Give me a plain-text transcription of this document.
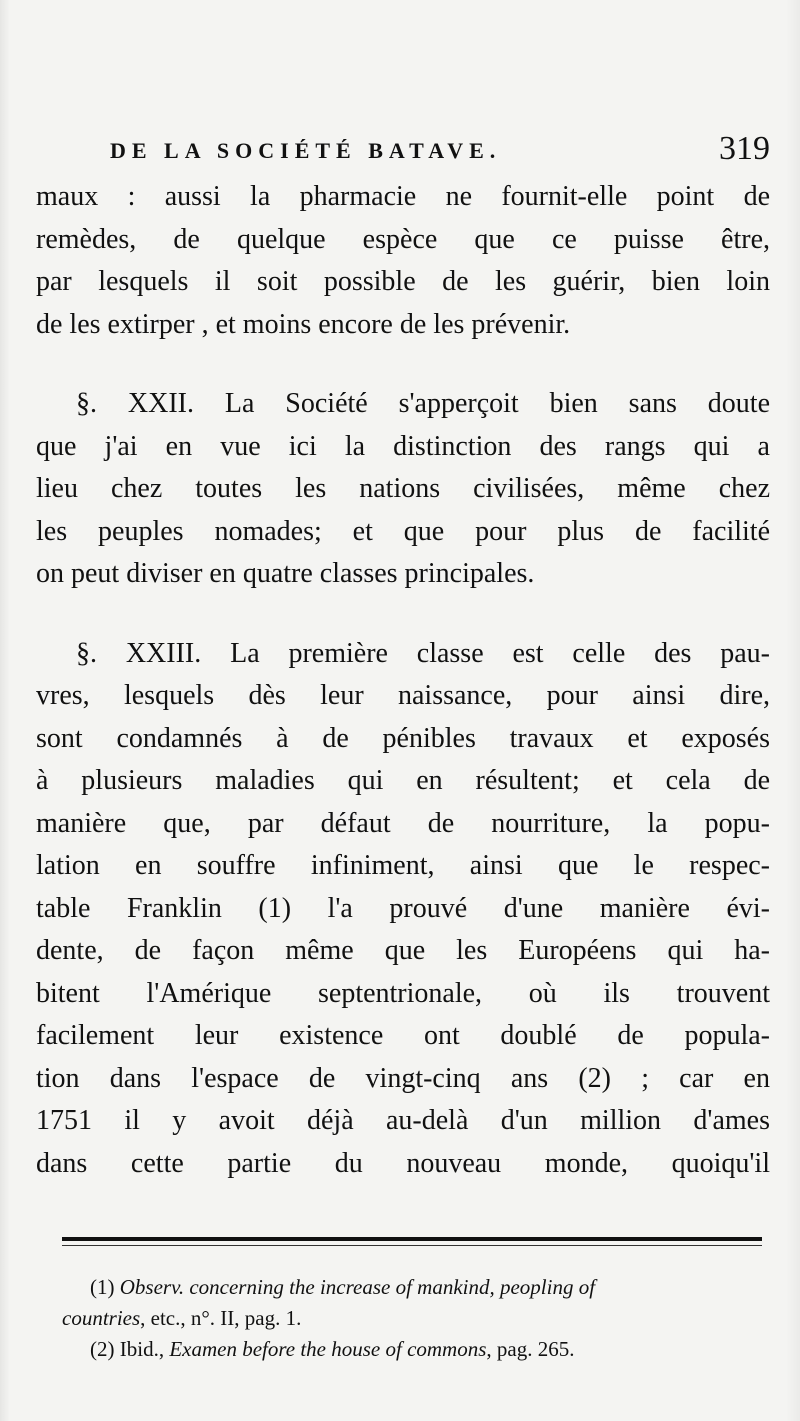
DE LA SOCIÉTÉ BATAVE.	319
maux : aussi la pharmacie ne fournit-elle point de
remèdes, de quelque espèce que ce puisse être,
par lesquels il soit possible de les guérir, bien loin
de les extirper , et moins encore de les prévenir.
§. XXII. La Société s'apperçoit bien sans doute
que j'ai en vue ici la distinction des rangs qui a
lieu chez toutes les nations civilisées, même chez
les peuples nomades; et que pour plus de facilité
on peut diviser en quatre classes principales.
§. XXIII. La première classe est celle des pau-
vres, lesquels dès leur naissance, pour ainsi dire,
sont condamnés à de pénibles travaux et exposés
à plusieurs maladies qui en résultent; et cela de
manière que, par défaut de nourriture, la popu-
lation en souffre infiniment, ainsi que le respec-
table Franklin (1) l'a prouvé d'une manière évi-
dente, de façon même que les Européens qui ha-
bitent l'Amérique septentrionale, où ils trouvent
facilement leur existence ont doublé de popula-
tion dans l'espace de vingt-cinq ans (2) ; car en
1751 il y avoit déjà au-delà d'un million d'ames
dans cette partie du nouveau monde, quoiqu'il
(1) Observ. concerning the increase of mankind, peopling of
countries, etc., n°. II, pag. 1.
(2) Ibid., Examen before the house of commons, pag. 265.
